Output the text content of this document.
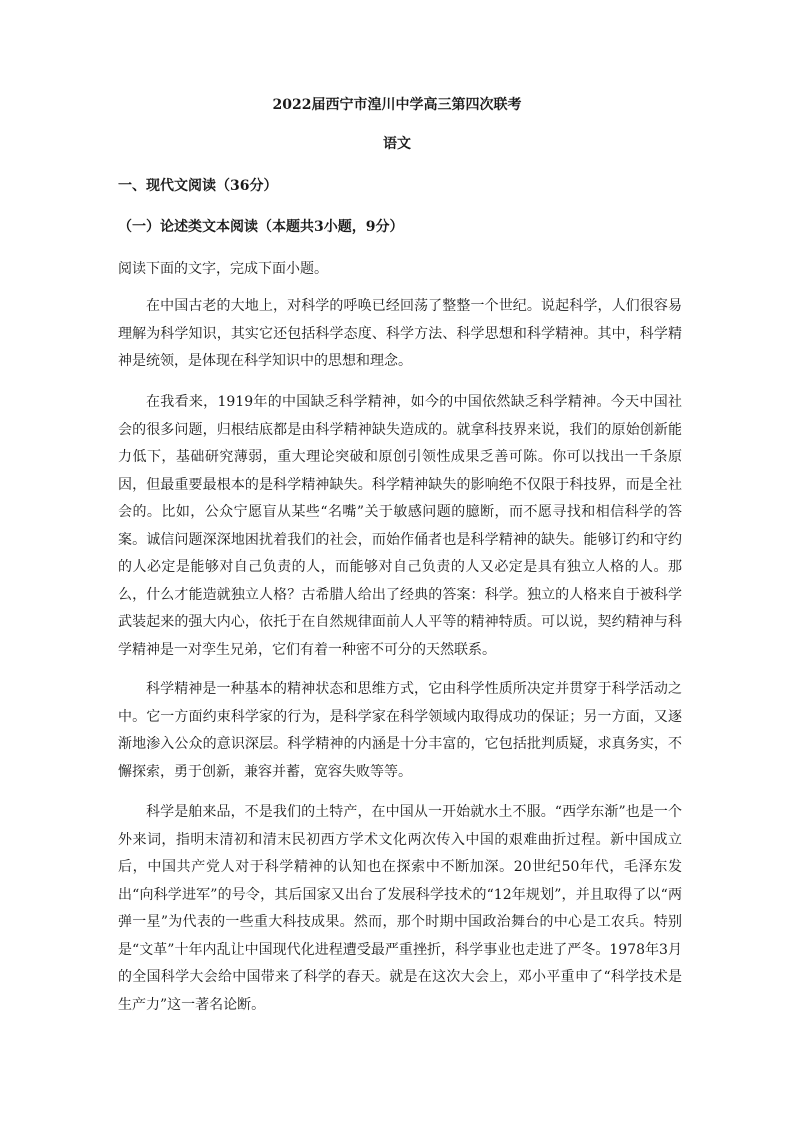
2022届西宁市湟川中学高三第四次联考
语文
一、现代文阅读（36分）
（一）论述类文本阅读（本题共3小题，9分）

阅读下面的文字，完成下面小题。

在中国古老的大地上，对科学的呼唤已经回荡了整整一个世纪。说起科学，人们很容易理解为科学知识，其实它还包括科学态度、科学方法、科学思想和科学精神。其中，科学精神是统领，是体现在科学知识中的思想和理念。

在我看来，1919年的中国缺乏科学精神，如今的中国依然缺乏科学精神。今天中国社会的很多问题，归根结底都是由科学精神缺失造成的。就拿科技界来说，我们的原始创新能力低下，基础研究薄弱，重大理论突破和原创引领性成果乏善可陈。你可以找出一千条原因，但最重要最根本的是科学精神缺失。科学精神缺失的影响绝不仅限于科技界，而是全社会的。比如，公众宁愿盲从某些“名嘴”关于敏感问题的臆断，而不愿寻找和相信科学的答案。诚信问题深深地困扰着我们的社会，而始作俑者也是科学精神的缺失。能够订约和守约的人必定是能够对自己负责的人，而能够对自己负责的人又必定是具有独立人格的人。那么，什么才能造就独立人格？古希腊人给出了经典的答案：科学。独立的人格来自于被科学武装起来的强大内心，依托于在自然规律面前人人平等的精神特质。可以说，契约精神与科学精神是一对孪生兄弟，它们有着一种密不可分的天然联系。

科学精神是一种基本的精神状态和思维方式，它由科学性质所决定并贯穿于科学活动之中。它一方面约束科学家的行为，是科学家在科学领域内取得成功的保证；另一方面，又逐渐地渗入公众的意识深层。科学精神的内涵是十分丰富的，它包括批判质疑，求真务实，不懈探索，勇于创新，兼容并蓄，宽容失败等等。

科学是舶来品，不是我们的土特产，在中国从一开始就水土不服。“西学东渐”也是一个外来词，指明末清初和清末民初西方学术文化两次传入中国的艰难曲折过程。新中国成立后，中国共产党人对于科学精神的认知也在探索中不断加深。20世纪50年代，毛泽东发出“向科学进军”的号令，其后国家又出台了发展科学技术的“12年规划”，并且取得了以“两弹一星”为代表的一些重大科技成果。然而，那个时期中国政治舞台的中心是工农兵。特别是“文革”十年内乱让中国现代化进程遭受最严重挫折，科学事业也走进了严冬。1978年3月的全国科学大会给中国带来了科学的春天。就是在这次大会上，邓小平重申了“科学技术是生产力”这一著名论断。
